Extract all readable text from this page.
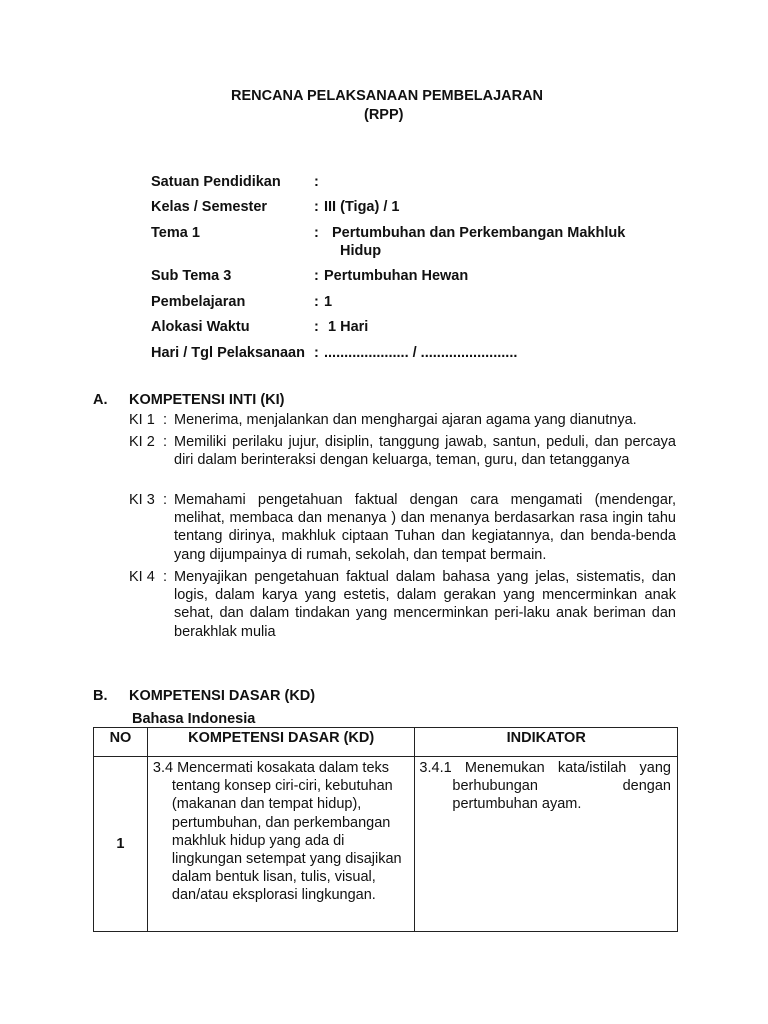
RENCANA PELAKSANAAN PEMBELAJARAN
(RPP)
Satuan Pendidikan :
Kelas / Semester	: III (Tiga) / 1
Tema 1	: Pertumbuhan dan Perkembangan Makhluk Hidup
Sub Tema 3	: Pertumbuhan Hewan
Pembelajaran	: 1
Alokasi Waktu	: 1 Hari
Hari / Tgl Pelaksanaan : ..................... / ........................
A. KOMPETENSI INTI (KI)
KI 1 : Menerima, menjalankan dan menghargai ajaran agama yang dianutnya.
KI 2 : Memiliki perilaku jujur, disiplin, tanggung jawab, santun, peduli, dan percaya diri dalam berinteraksi dengan keluarga, teman, guru, dan tetangganya
KI 3 : Memahami pengetahuan faktual dengan cara mengamati (mendengar, melihat, membaca dan menanya ) dan menanya berdasarkan rasa ingin tahu tentang dirinya, makhluk ciptaan Tuhan dan kegiatannya, dan benda-benda yang dijumpainya di rumah, sekolah, dan tempat bermain.
KI 4 : Menyajikan pengetahuan faktual dalam bahasa yang jelas, sistematis, dan logis, dalam karya yang estetis, dalam gerakan yang mencerminkan anak sehat, dan dalam tindakan yang mencerminkan peri-laku anak beriman dan berakhlak mulia
B. KOMPETENSI DASAR (KD)
Bahasa Indonesia
NO	KOMPETENSI DASAR (KD)	INDIKATOR
1	3.4 Mencermati kosakata dalam teks tentang konsep ciri-ciri, kebutuhan (makanan dan tempat hidup), pertumbuhan, dan perkembangan makhluk hidup yang ada di lingkungan setempat yang disajikan dalam bentuk lisan, tulis, visual, dan/atau eksplorasi lingkungan.	3.4.1 Menemukan kata/istilah yang berhubungan dengan pertumbuhan ayam.
